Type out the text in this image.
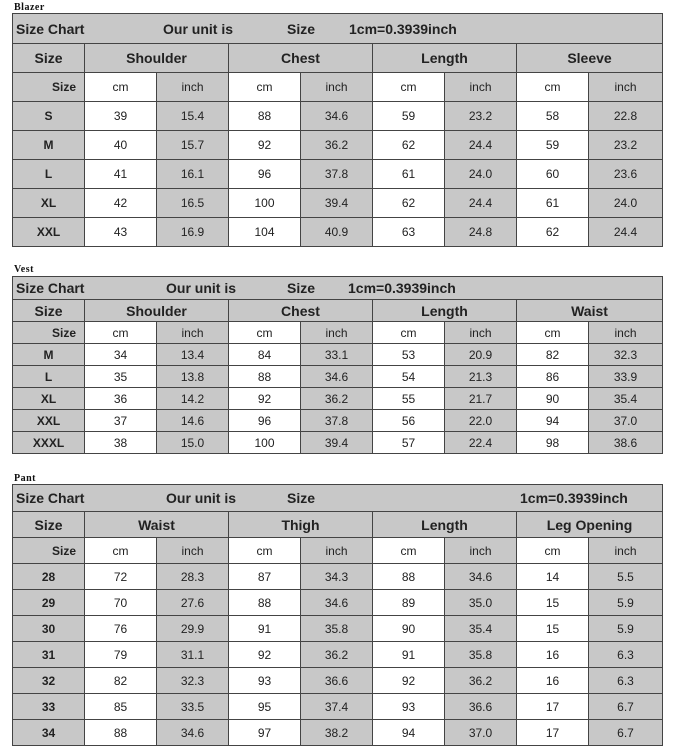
Blazer
Size Chart Our unit is Size 1cm=0.3939inch								

Size	Shoulder		Chest		Length		Sleeve	
Size	cm	inch	cm	inch	cm	inch	cm	inch
S	39	15.4	88	34.6	59	23.2	58	22.8
M	40	15.7	92	36.2	62	24.4	59	23.2
L	41	16.1	96	37.8	61	24.0	60	23.6
XL	42	16.5	100	39.4	62	24.4	61	24.0
XXL	43	16.9	104	40.9	63	24.8	62	24.4
Vest
Size Chart Our unit is Size 1cm=0.3939inch								

Size	Shoulder		Chest		Length		Waist	
Size	cm	inch	cm	inch	cm	inch	cm	inch
M	34	13.4	84	33.1	53	20.9	82	32.3
L	35	13.8	88	34.6	54	21.3	86	33.9
XL	36	14.2	92	36.2	55	21.7	90	35.4
XXL	37	14.6	96	37.8	56	22.0	94	37.0
XXXL	38	15.0	100	39.4	57	22.4	98	38.6
Pant
Size Chart Our unit is Size 1cm=0.3939inch								

Size	Waist		Thigh		Length		Leg Opening	
Size	cm	inch	cm	inch	cm	inch	cm	inch
28	72	28.3	87	34.3	88	34.6	14	5.5
29	70	27.6	88	34.6	89	35.0	15	5.9
30	76	29.9	91	35.8	90	35.4	15	5.9
31	79	31.1	92	36.2	91	35.8	16	6.3
32	82	32.3	93	36.6	92	36.2	16	6.3
33	85	33.5	95	37.4	93	36.6	17	6.7
34	88	34.6	97	38.2	94	37.0	17	6.7
